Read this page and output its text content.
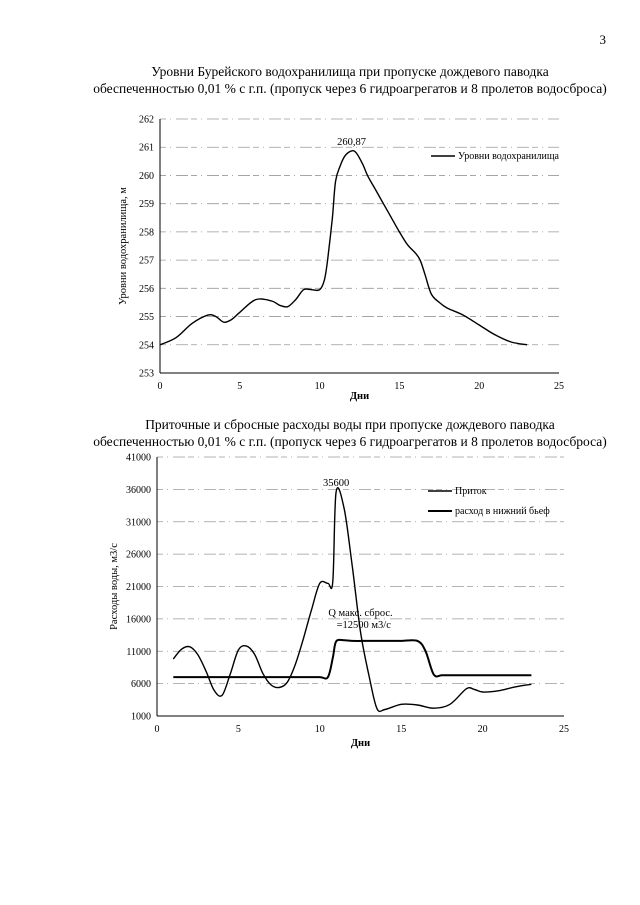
3
Уровни Бурейского водохранилища при пропуске дождевого паводка
обеспеченностью 0,01 % с г.п. (пропуск через 6 гидроагрегатов и 8 пролетов водосброса)
Приточные и сбросные расходы воды при пропуске дождевого паводка
обеспеченностью 0,01 % с г.п. (пропуск через 6 гидроагрегатов и 8 пролетов водосброса)
253
254
255
256
257
258
259
260
261
262
0	5	10	15	20	25
Дни
Уровни водохранилища, м
Уровни водохранилища
260,87
1000
6000
11000
16000
21000
26000
31000
36000
41000
0	5	10	15	20	25
Дни
Расходы воды, м3/с
Приток
расход в нижний бьеф
35600
Q макс. сброс.
=12500 м3/с
